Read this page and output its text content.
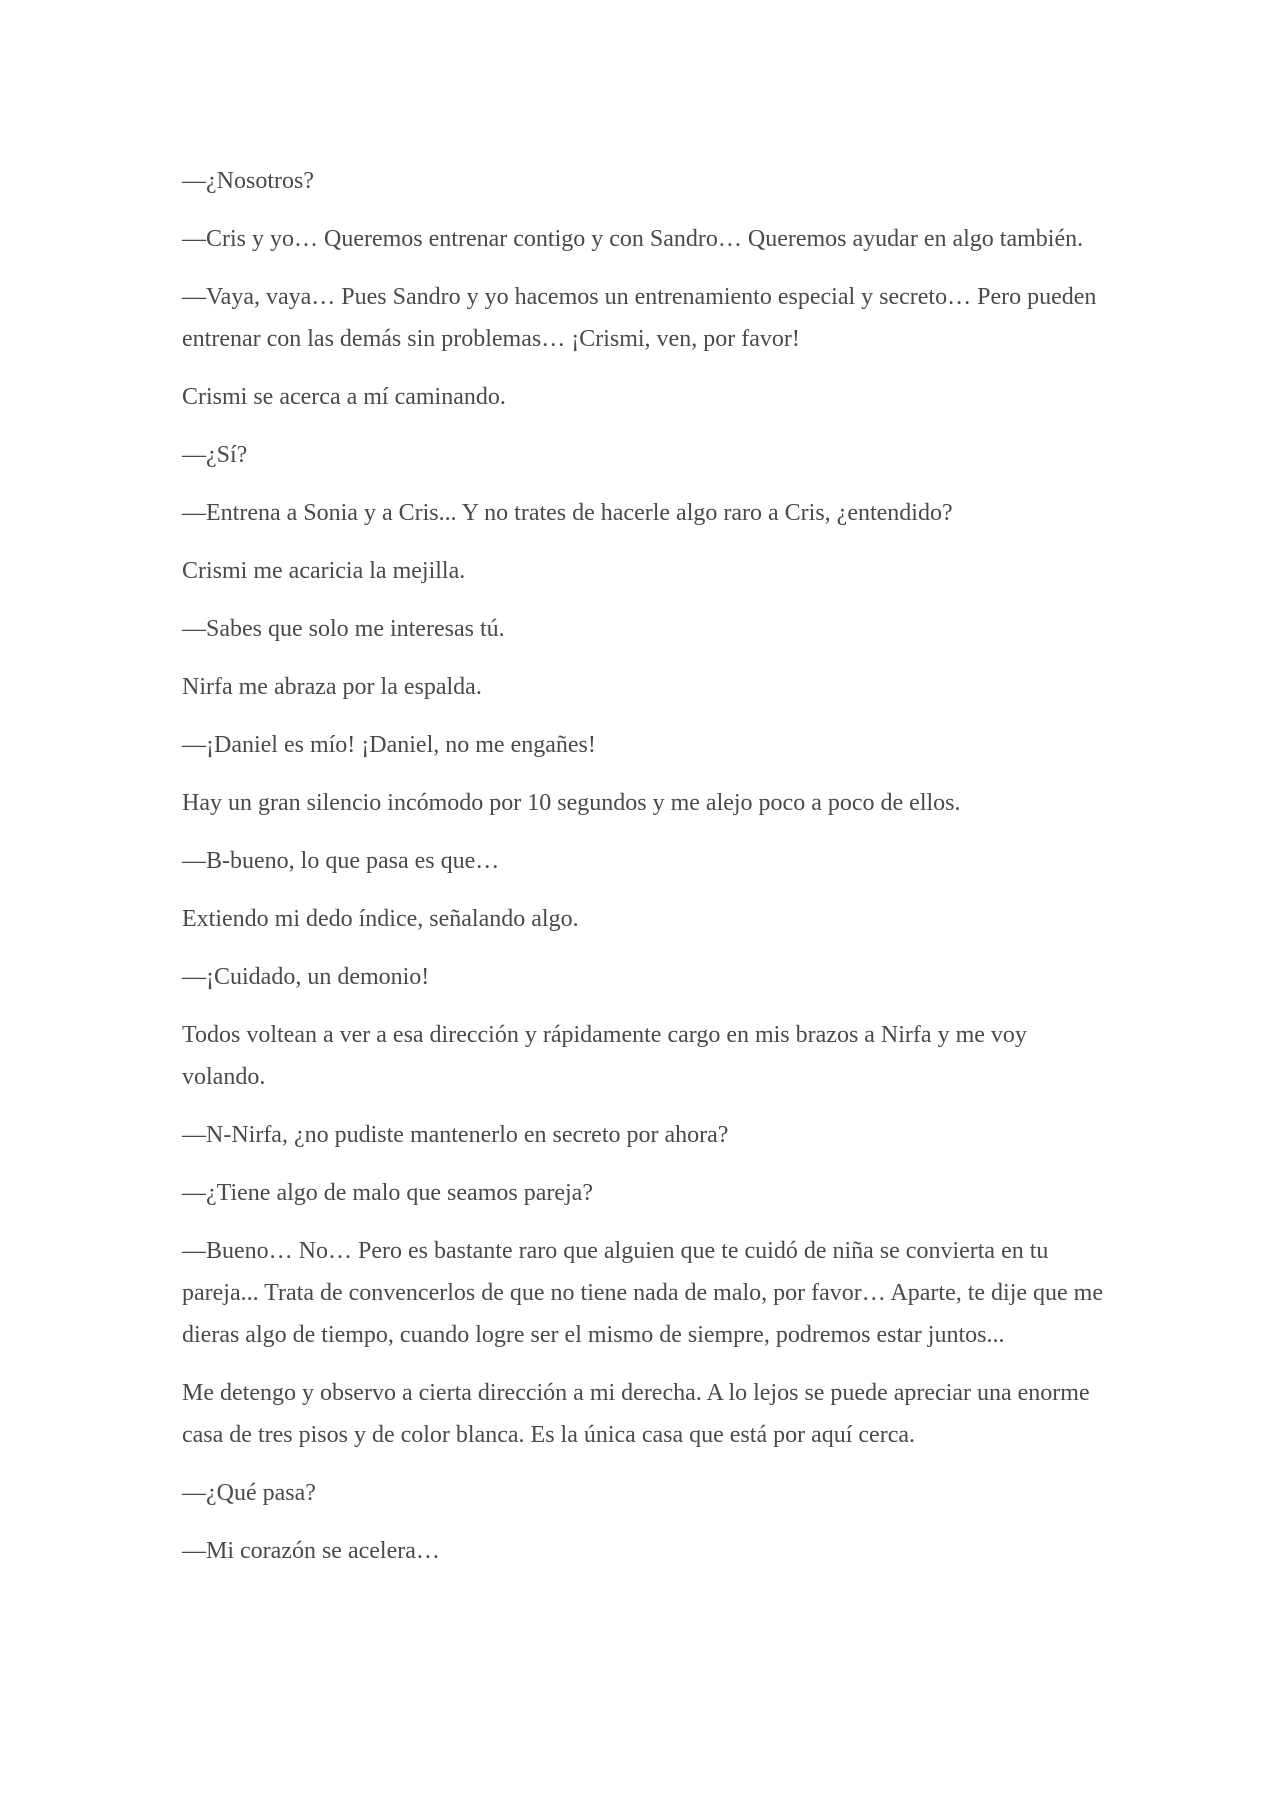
—¿Nosotros?

—Cris y yo… Queremos entrenar contigo y con Sandro… Queremos ayudar en algo también.

—Vaya, vaya… Pues Sandro y yo hacemos un entrenamiento especial y secreto… Pero pueden entrenar con las demás sin problemas… ¡Crismi, ven, por favor!

Crismi se acerca a mí caminando.

—¿Sí?

—Entrena a Sonia y a Cris... Y no trates de hacerle algo raro a Cris, ¿entendido?

Crismi me acaricia la mejilla.

—Sabes que solo me interesas tú.

Nirfa me abraza por la espalda.

—¡Daniel es mío! ¡Daniel, no me engañes!

Hay un gran silencio incómodo por 10 segundos y me alejo poco a poco de ellos.

—B-bueno, lo que pasa es que…

Extiendo mi dedo índice, señalando algo.

—¡Cuidado, un demonio!

Todos voltean a ver a esa dirección y rápidamente cargo en mis brazos a Nirfa y me voy volando.

—N-Nirfa, ¿no pudiste mantenerlo en secreto por ahora?

—¿Tiene algo de malo que seamos pareja?

—Bueno… No… Pero es bastante raro que alguien que te cuidó de niña se convierta en tu pareja... Trata de convencerlos de que no tiene nada de malo, por favor… Aparte, te dije que me dieras algo de tiempo, cuando logre ser el mismo de siempre, podremos estar juntos...

Me detengo y observo a cierta dirección a mi derecha. A lo lejos se puede apreciar una enorme casa de tres pisos y de color blanca. Es la única casa que está por aquí cerca.

—¿Qué pasa?

—Mi corazón se acelera…
